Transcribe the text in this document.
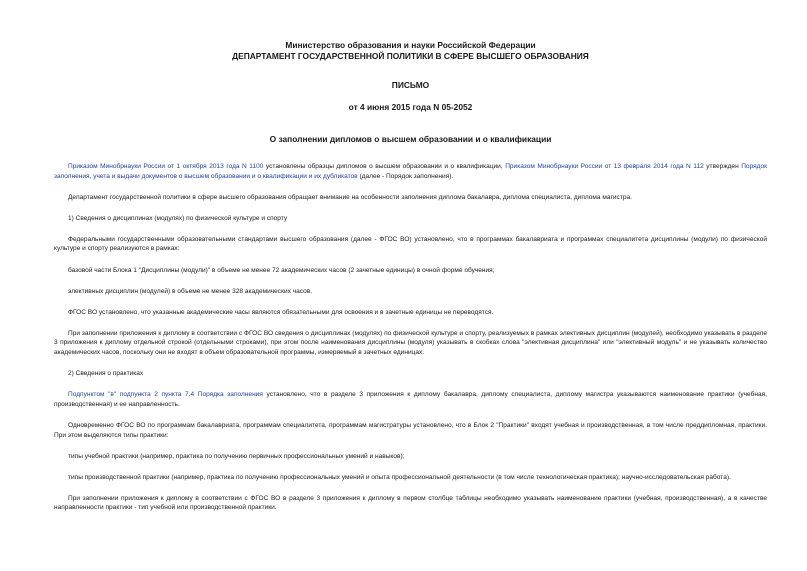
Министерство образования и науки Российской Федерации
ДЕПАРТАМЕНТ ГОСУДАРСТВЕННОЙ ПОЛИТИКИ В СФЕРЕ ВЫСШЕГО ОБРАЗОВАНИЯ
ПИСЬМО
от 4 июня 2015 года N 05-2052
О заполнении дипломов о высшем образовании и о квалификации

Приказом Минобрнауки России от 1 октября 2013 года N 1100 установлены образцы дипломов о высшем образовании и о квалификации, Приказом Минобрнауки России от 13 февраля 2014 года N 112 утвержден Порядок заполнения, учета и выдачи документов о высшем образовании и о квалификации и их дубликатов (далее - Порядок заполнения).

Департамент государственной политики в сфере высшего образования обращает внимание на особенности заполнения диплома бакалавра, диплома специалиста, диплома магистра.

1) Сведения о дисциплинах (модулях) по физической культуре и спорту

Федеральными государственными образовательными стандартами высшего образования (далее - ФГОС ВО) установлено, что в программах бакалавриата и программах специалитета дисциплины (модули) по физической культуре и спорту реализуются в рамках:

базовой части Блока 1 "Дисциплины (модули)" в объеме не менее 72 академических часов (2 зачетные единицы) в очной форме обучения;

элективных дисциплин (модулей) в объеме не менее 328 академических часов.

ФГОС ВО установлено, что указанные академические часы являются обязательными для освоения и в зачетные единицы не переводятся.

При заполнении приложения к диплому в соответствии с ФГОС ВО сведения о дисциплинах (модулях) по физической культуре и спорту, реализуемых в рамках элективных дисциплин (модулей), необходимо указывать в разделе 3 приложения к диплому отдельной строкой (отдельными строками), при этом после наименования дисциплины (модуля) указывать в скобках слова "элективная дисциплина" или "элективный модуль" и не указывать количество академических часов, поскольку они не входят в объем образовательной программы, измеряемый в зачетных единицах.

2) Сведения о практиках

Подпунктом "в" подпункта 2 пункта 7.4 Порядка заполнения установлено, что в разделе 3 приложения к диплому бакалавра, диплому специалиста, диплому магистра указываются наименование практики (учебная, производственная) и ее направленность.

Одновременно ФГОС ВО по программам бакалавриата, программам специалитета, программам магистратуры установлено, что в Блок 2 "Практики" входят учебная и производственная, в том числе преддипломная, практики. При этом выделяются типы практики:

типы учебной практики (например, практика по получению первичных профессиональных умений и навыков);

типы производственной практики (например, практика по получению профессиональных умений и опыта профессиональной деятельности (в том числе технологическая практика); научно-исследовательская работа).

При заполнении приложения к диплому в соответствии с ФГОС ВО в разделе 3 приложения к диплому в первом столбце таблицы необходимо указывать наименование практики (учебная, производственная), а в качестве направленности практики - тип учебной или производственной практики.
